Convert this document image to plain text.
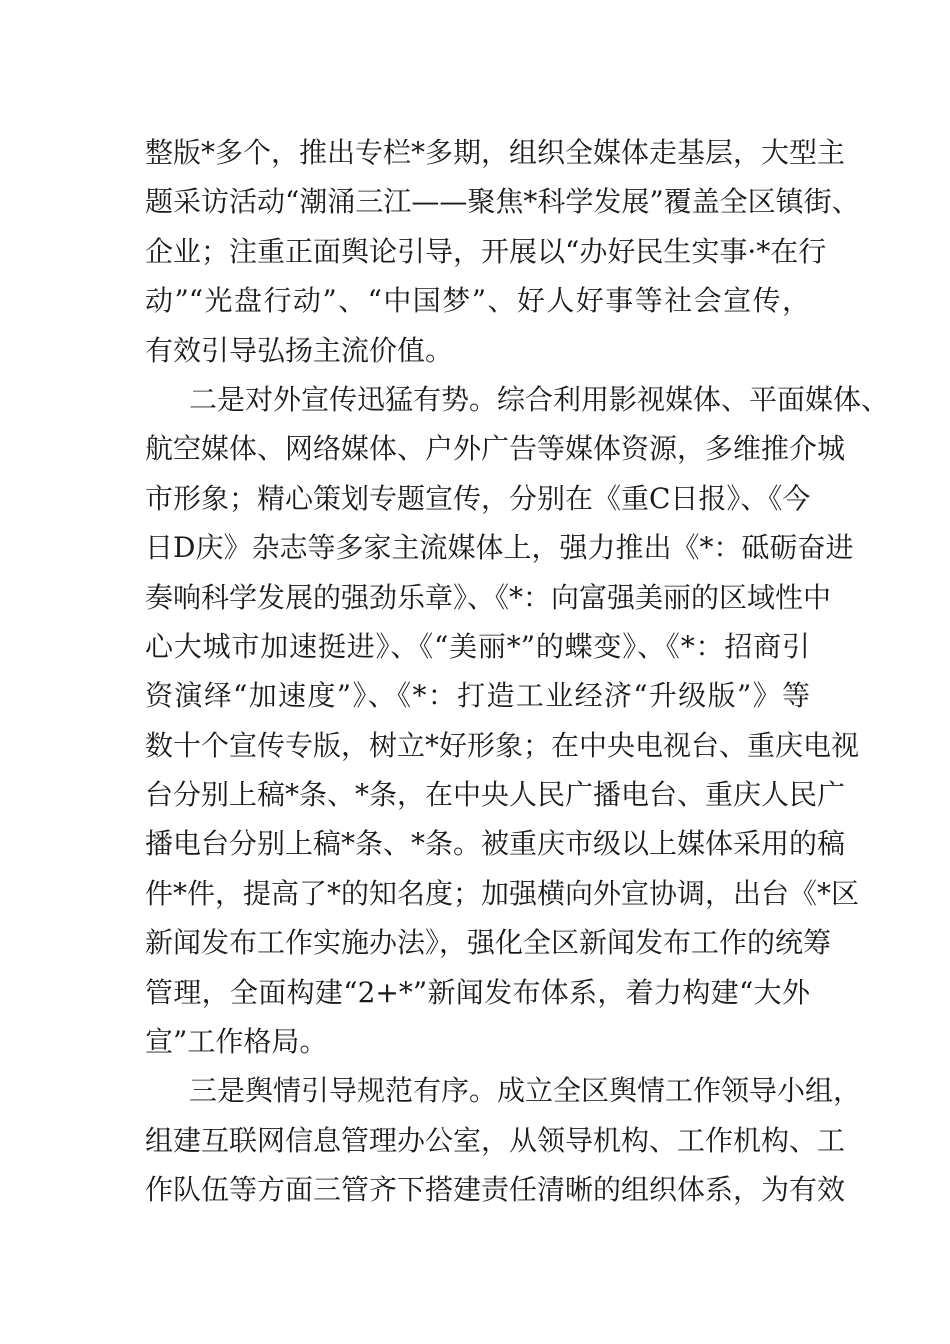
整版*多个，推出专栏*多期，组织全媒体走基层，大型主
题采访活动“潮涌三江——聚焦*科学发展”覆盖全区镇街、
企业；注重正面舆论引导，开展以“办好民生实事·*在行
动”“光盘行动”、“中国梦”、好人好事等社会宣传，
有效引导弘扬主流价值。
二是对外宣传迅猛有势。综合利用影视媒体、平面媒体、
航空媒体、网络媒体、户外广告等媒体资源，多维推介城
市形象；精心策划专题宣传，分别在《重C日报》、《今
日D庆》杂志等多家主流媒体上，强力推出《*：砥砺奋进
奏响科学发展的强劲乐章》、《*：向富强美丽的区域性中
心大城市加速挺进》、《“美丽*”的蝶变》、《*：招商引
资演绎“加速度”》、《*：打造工业经济“升级版”》等
数十个宣传专版，树立*好形象；在中央电视台、重庆电视
台分别上稿*条、*条，在中央人民广播电台、重庆人民广
播电台分别上稿*条、*条。被重庆市级以上媒体采用的稿
件*件，提高了*的知名度；加强横向外宣协调，出台《*区
新闻发布工作实施办法》，强化全区新闻发布工作的统筹
管理，全面构建“2+*”新闻发布体系，着力构建“大外
宣”工作格局。
三是舆情引导规范有序。成立全区舆情工作领导小组，
组建互联网信息管理办公室，从领导机构、工作机构、工
作队伍等方面三管齐下搭建责任清晰的组织体系，为有效
